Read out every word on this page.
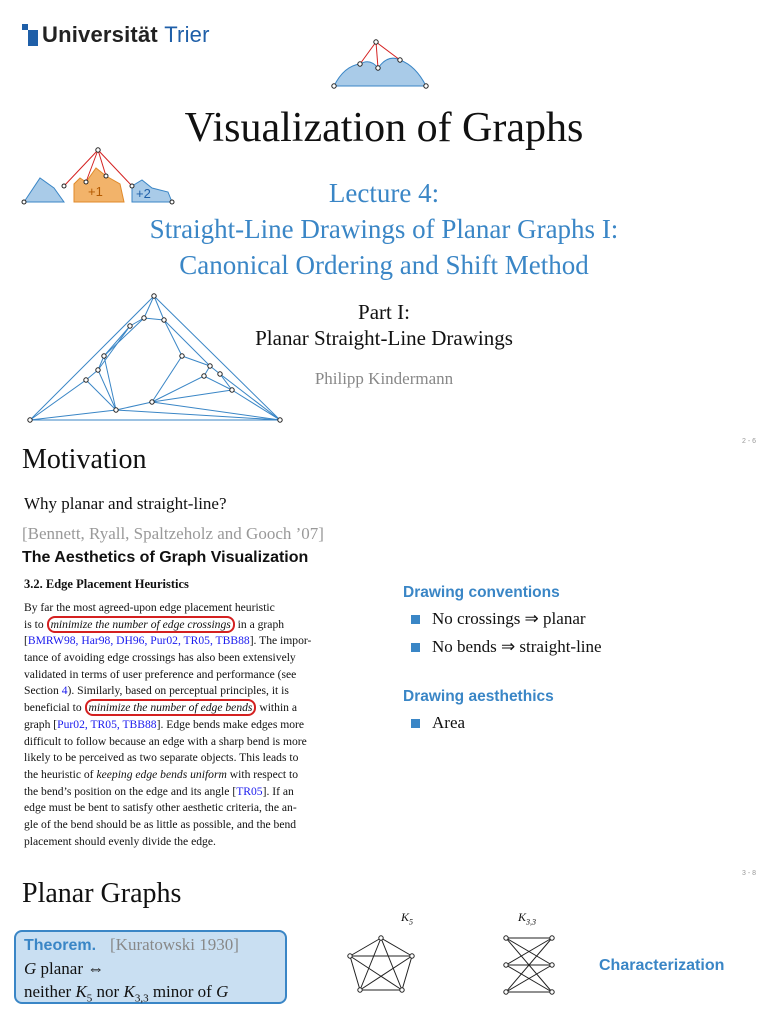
Universität Trier
Visualization of Graphs
+1	+2	Lecture 4:
Straight-Line Drawings of Planar Graphs I:
Canonical Ordering and Shift Method
Part I:
Planar Straight-Line Drawings
Philipp Kindermann
2 - 6
Motivation
Why planar and straight-line?
[Bennett, Ryall, Spaltzeholz and Gooch ’07]
The Aesthetics of Graph Visualization
3.2. Edge Placement Heuristics
By far the most agreed-upon edge placement heuristic
is to minimize the number of edge crossings in a graph
[BMRW98, Har98, DH96, Pur02, TR05, TBB88]. The impor-
tance of avoiding edge crossings has also been extensively
validated in terms of user preference and performance (see
Section 4). Similarly, based on perceptual principles, it is
beneficial to minimize the number of edge bends within a
graph [Pur02, TR05, TBB88]. Edge bends make edges more
difficult to follow because an edge with a sharp bend is more
likely to be perceived as two separate objects. This leads to
the heuristic of keeping edge bends uniform with respect to
the bend’s position on the edge and its angle [TR05]. If an
edge must be bent to satisfy other aesthetic criteria, the an-
gle of the bend should be as little as possible, and the bend
placement should evenly divide the edge.
Drawing conventions
No crossings ⇒ planar
No bends ⇒ straight-line
Drawing aesthethics
Area
3 - 8
Planar Graphs
Theorem. [Kuratowski 1930]
G planar ⇔
neither $K_5$ nor $K_{3,3}$ minor of G
$K_5$	$K_{3,3}$
Characterization
